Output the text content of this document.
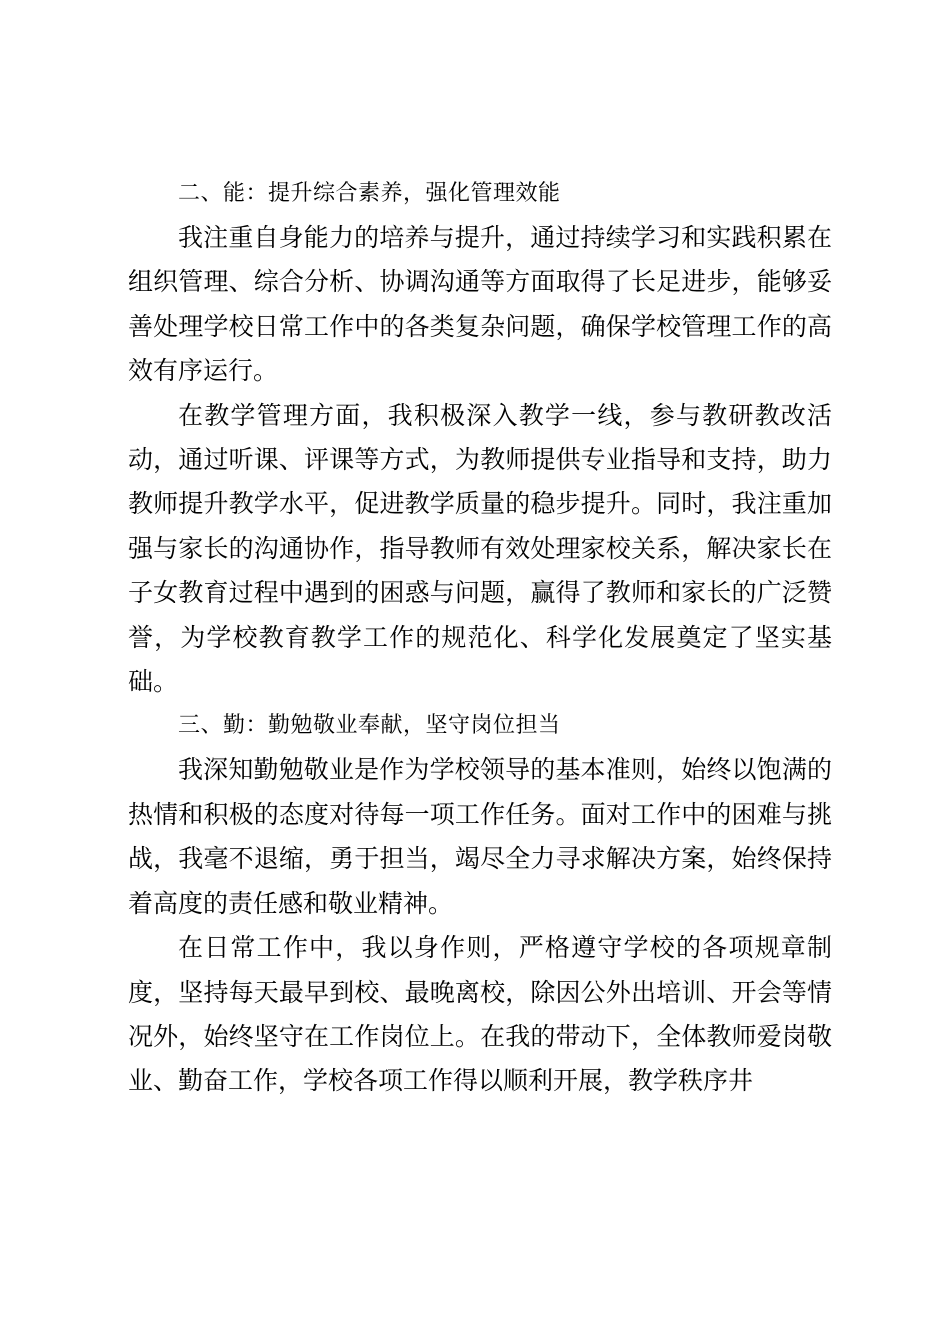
二、能：提升综合素养，强化管理效能

我注重自身能力的培养与提升，通过持续学习和实践积累在组织管理、综合分析、协调沟通等方面取得了长足进步，能够妥善处理学校日常工作中的各类复杂问题，确保学校管理工作的高效有序运行。

在教学管理方面，我积极深入教学一线，参与教研教改活动，通过听课、评课等方式，为教师提供专业指导和支持，助力教师提升教学水平，促进教学质量的稳步提升。同时，我注重加强与家长的沟通协作，指导教师有效处理家校关系，解决家长在子女教育过程中遇到的困惑与问题，赢得了教师和家长的广泛赞誉，为学校教育教学工作的规范化、科学化发展奠定了坚实基础。

三、勤：勤勉敬业奉献，坚守岗位担当

我深知勤勉敬业是作为学校领导的基本准则，始终以饱满的热情和积极的态度对待每一项工作任务。面对工作中的困难与挑战，我毫不退缩，勇于担当，竭尽全力寻求解决方案，始终保持着高度的责任感和敬业精神。

在日常工作中，我以身作则，严格遵守学校的各项规章制度，坚持每天最早到校、最晚离校，除因公外出培训、开会等情况外，始终坚守在工作岗位上。在我的带动下，全体教师爱岗敬业、勤奋工作，学校各项工作得以顺利开展，教学秩序井
